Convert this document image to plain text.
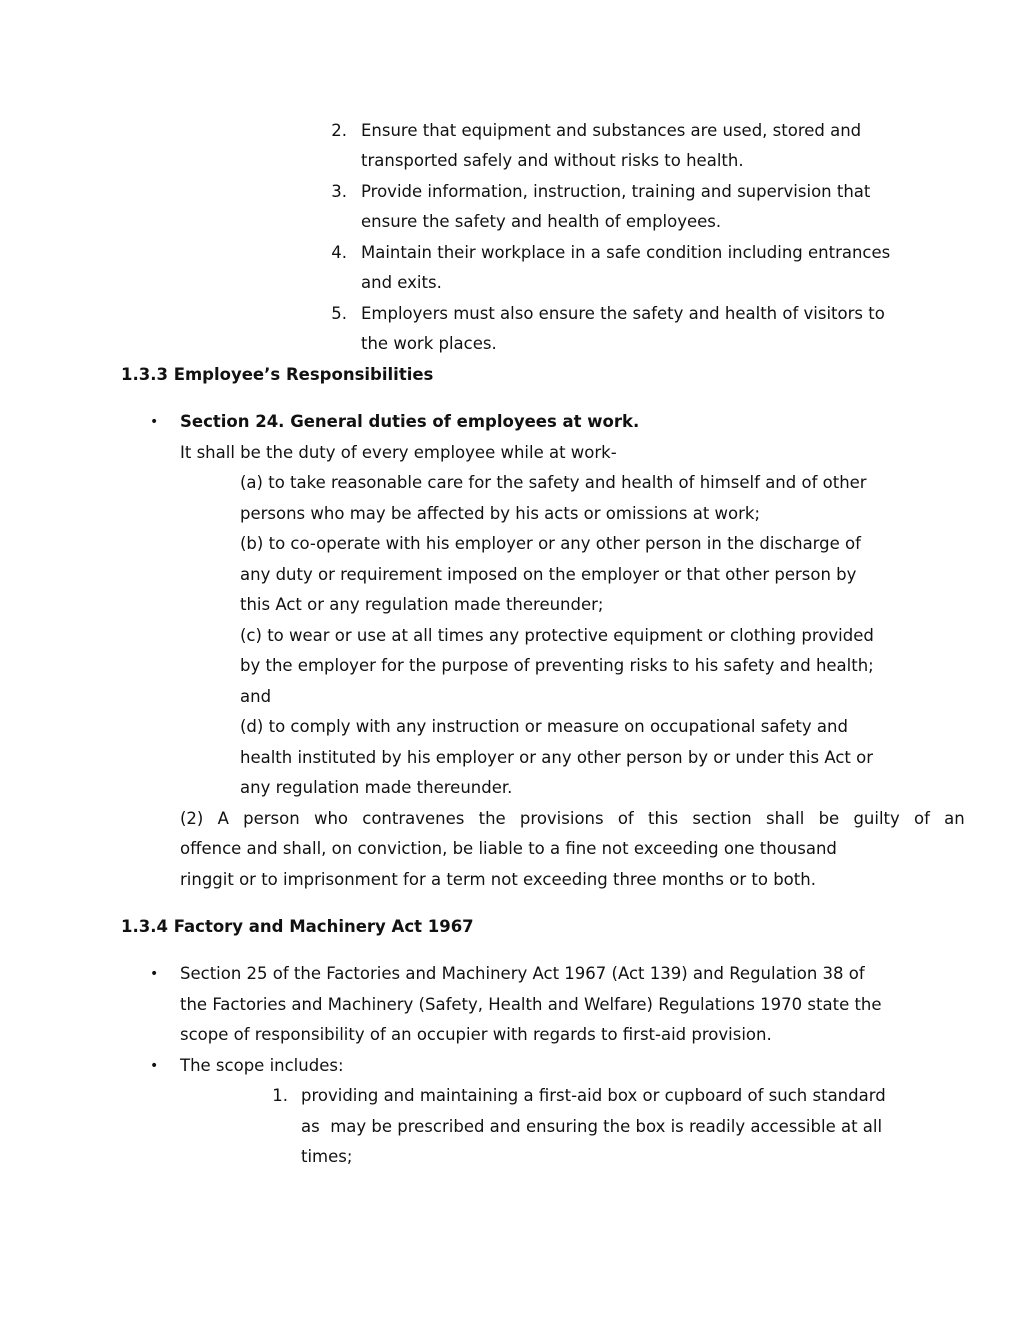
2. Ensure that equipment and substances are used, stored and
transported safely and without risks to health.
3. Provide information, instruction, training and supervision that
ensure the safety and health of employees.
4. Maintain their workplace in a safe condition including entrances
and exits.
5. Employers must also ensure the safety and health of visitors to
the work places.
1.3.3 Employee’s Responsibilities
• Section 24. General duties of employees at work.
It shall be the duty of every employee while at work-
(a) to take reasonable care for the safety and health of himself and of other
persons who may be affected by his acts or omissions at work;
(b) to co-operate with his employer or any other person in the discharge of
any duty or requirement imposed on the employer or that other person by
this Act or any regulation made thereunder;
(c) to wear or use at all times any protective equipment or clothing provided
by the employer for the purpose of preventing risks to his safety and health;
and
(d) to comply with any instruction or measure on occupational safety and
health instituted by his employer or any other person by or under this Act or
any regulation made thereunder.
(2) A person who contravenes the provisions of this section shall be guilty of an
offence and shall, on conviction, be liable to a fine not exceeding one thousand
ringgit or to imprisonment for a term not exceeding three months or to both.
1.3.4 Factory and Machinery Act 1967
• Section 25 of the Factories and Machinery Act 1967 (Act 139) and Regulation 38 of
the Factories and Machinery (Safety, Health and Welfare) Regulations 1970 state the
scope of responsibility of an occupier with regards to first-aid provision.
• The scope includes:
1. providing and maintaining a first-aid box or cupboard of such standard
as  may be prescribed and ensuring the box is readily accessible at all
times;
